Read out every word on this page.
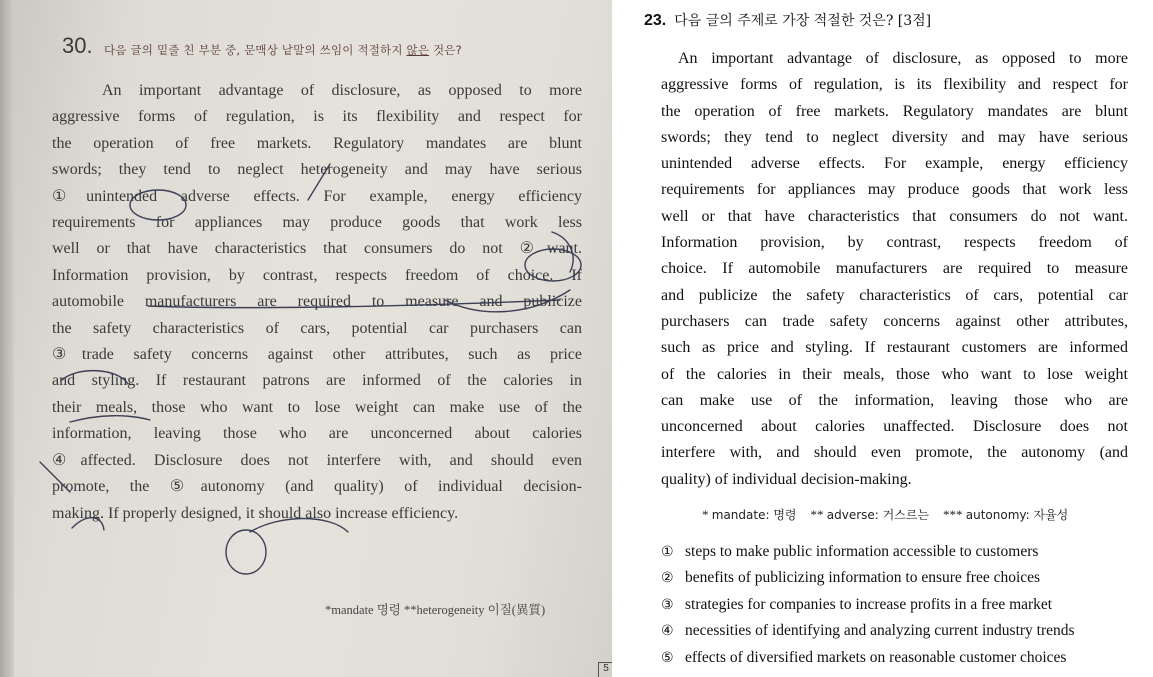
30. 다음 글의 밑줄 친 부분 중, 문맥상 낱말의 쓰임이 적절하지 않은 것은?
An important advantage of disclosure, as opposed to more
aggressive forms of regulation, is its flexibility and respect for
the operation of free markets. Regulatory mandates are blunt
swords; they tend to neglect heterogeneity and may have serious
①unintended adverse effects. For example, energy efficiency
requirements for appliances may produce goods that work less
well or that have characteristics that consumers do not ②want.
Information provision, by contrast, respects freedom of choice. If
automobile manufacturers are required to measure and publicize
the safety characteristics of cars, potential car purchasers can
③trade safety concerns against other attributes, such as price
and styling. If restaurant patrons are informed of the calories in
their meals, those who want to lose weight can make use of the
information, leaving those who are unconcerned about calories
④affected. Disclosure does not interfere with, and should even
promote, the ⑤autonomy (and quality) of individual decision-
making. If properly designed, it should also increase efficiency.
*mandate 명령 **heterogeneity 이질(異質)
5
23. 다음 글의 주제로 가장 적절한 것은? [3점]
An important advantage of disclosure, as opposed to more
aggressive forms of regulation, is its flexibility and respect for
the operation of free markets. Regulatory mandates are blunt
swords; they tend to neglect diversity and may have serious
unintended adverse effects. For example, energy efficiency
requirements for appliances may produce goods that work less
well or that have characteristics that consumers do not want.
Information provision, by contrast, respects freedom of
choice. If automobile manufacturers are required to measure
and publicize the safety characteristics of cars, potential car
purchasers can trade safety concerns against other attributes,
such as price and styling. If restaurant customers are informed
of the calories in their meals, those who want to lose weight
can make use of the information, leaving those who are
unconcerned about calories unaffected. Disclosure does not
interfere with, and should even promote, the autonomy (and
quality) of individual decision-making.
* mandate: 명령 ** adverse: 거스르는 *** autonomy: 자율성
① steps to make public information accessible to customers
② benefits of publicizing information to ensure free choices
③ strategies for companies to increase profits in a free market
④ necessities of identifying and analyzing current industry trends
⑤ effects of diversified markets on reasonable customer choices
